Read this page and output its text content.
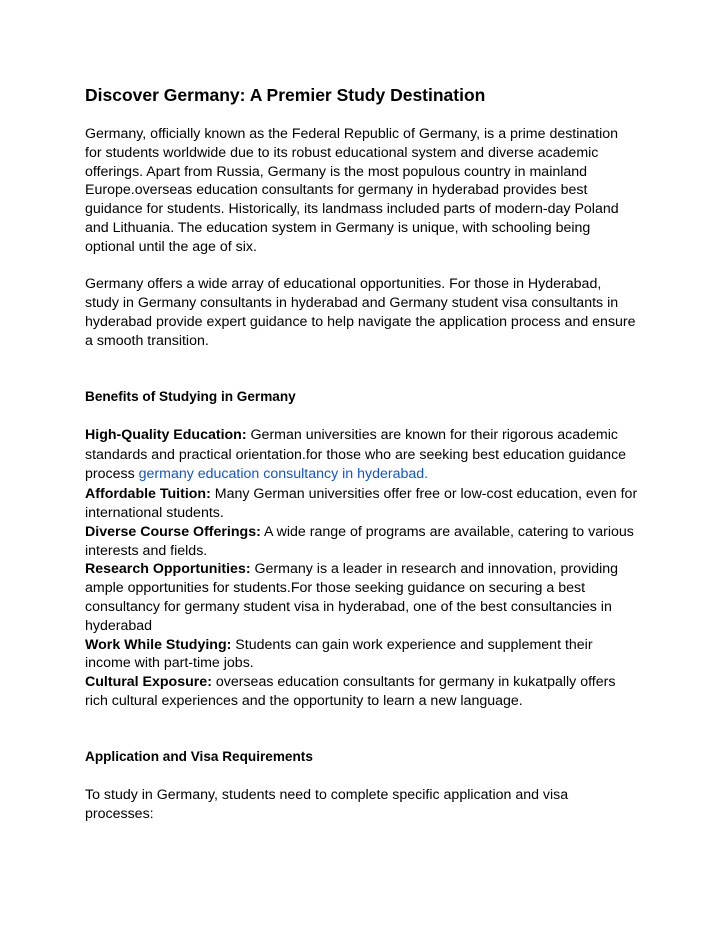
Discover Germany: A Premier Study Destination

Germany, officially known as the Federal Republic of Germany, is a prime destination
for students worldwide due to its robust educational system and diverse academic
offerings. Apart from Russia, Germany is the most populous country in mainland
Europe.overseas education consultants for germany in hyderabad provides best
guidance for students. Historically, its landmass included parts of modern-day Poland
and Lithuania. The education system in Germany is unique, with schooling being
optional until the age of six.

Germany offers a wide array of educational opportunities. For those in Hyderabad,
study in Germany consultants in hyderabad and Germany student visa consultants in
hyderabad provide expert guidance to help navigate the application process and ensure
a smooth transition.

Benefits of Studying in Germany

High-Quality Education: German universities are known for their rigorous academic
standards and practical orientation.for those who are seeking best education guidance
process germany education consultancy in hyderabad.

Affordable Tuition: Many German universities offer free or low-cost education, even for
international students.

Diverse Course Offerings: A wide range of programs are available, catering to various
interests and fields.

Research Opportunities: Germany is a leader in research and innovation, providing
ample opportunities for students.For those seeking guidance on securing a best
consultancy for germany student visa in hyderabad, one of the best consultancies in
hyderabad

Work While Studying: Students can gain work experience and supplement their
income with part-time jobs.

Cultural Exposure: overseas education consultants for germany in kukatpally offers
rich cultural experiences and the opportunity to learn a new language.

Application and Visa Requirements

To study in Germany, students need to complete specific application and visa
processes:
